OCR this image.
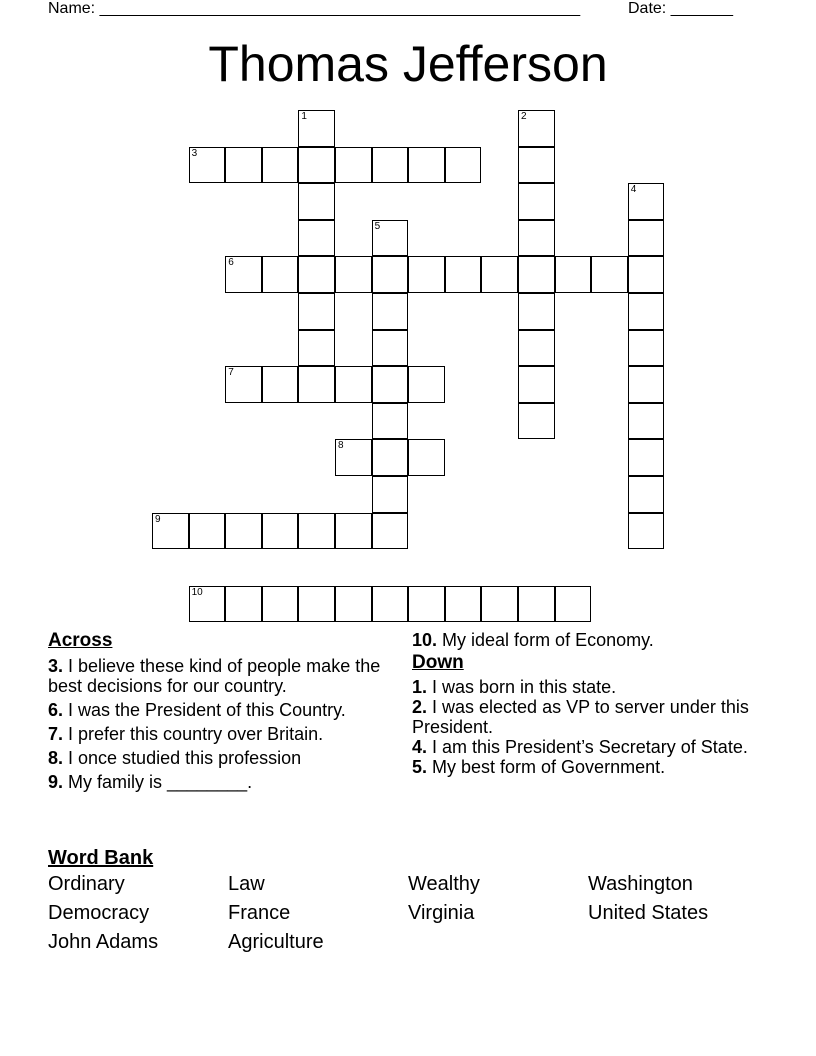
Name: ______________________________________________________	Date: _______
Thomas Jefferson
1	2
3
4
5
6
7
8
9
10
Across
3. I believe these kind of people make the best decisions for our country.
6. I was the President of this Country.
7. I prefer this country over Britain.
8. I once studied this profession
9. My family is ________.
10. My ideal form of Economy.
Down
1. I was born in this state.
2. I was elected as VP to server under this President.
4. I am this President’s Secretary of State.
5. My best form of Government.
Word Bank
Ordinary	Law	Wealthy	Washington
Democracy	France	Virginia	United States
John Adams	Agriculture
